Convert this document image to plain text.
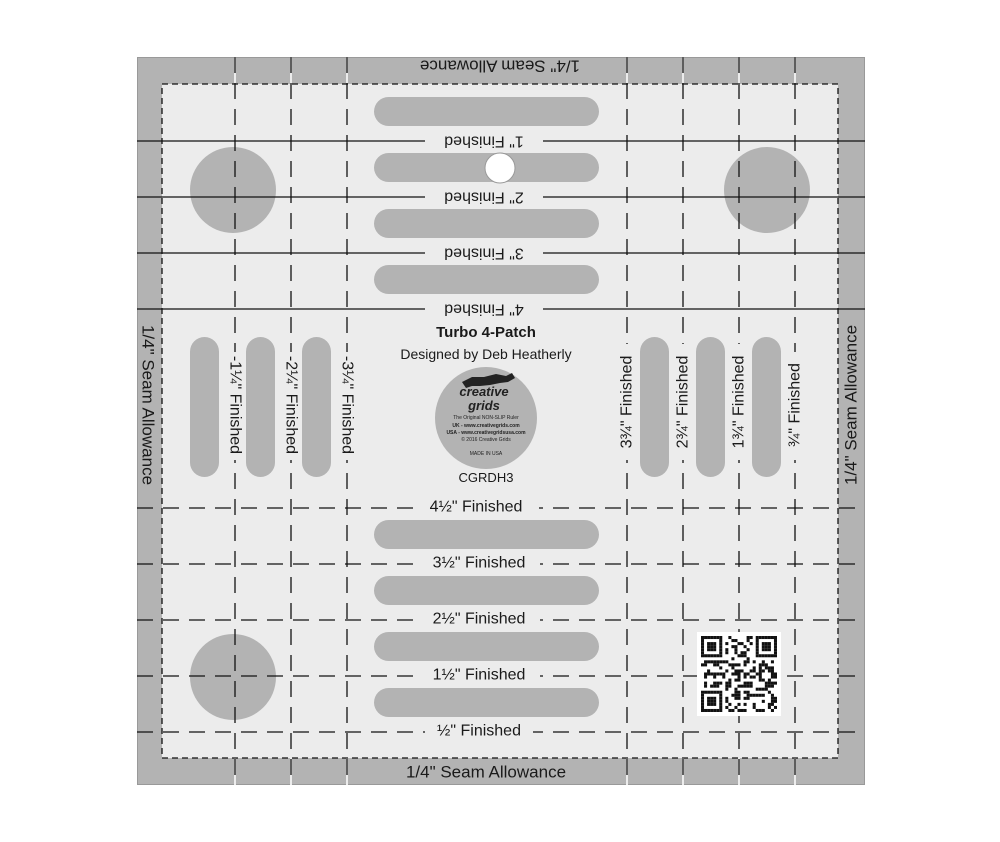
1/4" Seam Allowance
1/4" Seam Allowance
1/4" Seam Allowance	1/4" Seam Allowance
1" Finished
2" Finished
3" Finished
4" Finished
4½" Finished
3½" Finished
2½" Finished
1½" Finished
½" Finished
-1¼" Finished -2¼" Finished -3¼" Finished	3¾" Finished 2¾" Finished 1¾" Finished ¾" Finished
Turbo 4-Patch
Designed by Deb Heatherly
creative
grids
The Original NON-SLIP Ruler
UK - www.creativegrids.com
USA - www.creativegridsusa.com
© 2016 Creative Grids
MADE IN USA
CGRDH3
